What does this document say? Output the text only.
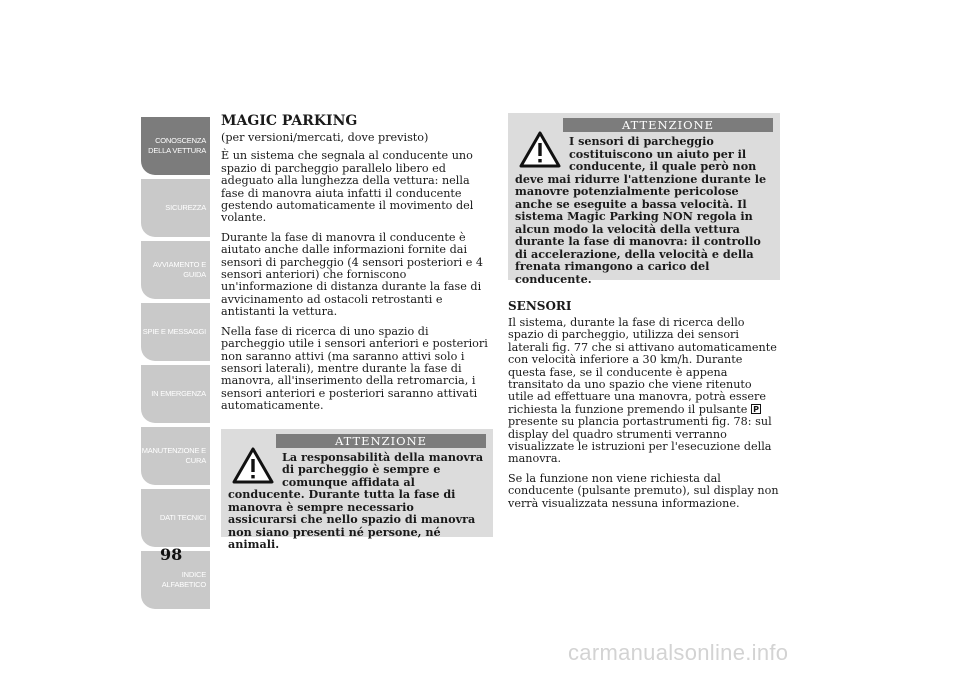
CONOSCENZA
DELLA VETTURA
SICUREZZA
AVVIAMENTO E
GUIDA
SPIE E MESSAGGI
IN EMERGENZA
MANUTENZIONE E
CURA
DATI TECNICI
INDICE
ALFABETICO
98
MAGIC PARKING

(per versioni/mercati, dove previsto)

È un sistema che segnala al conducente uno spazio di parcheggio parallelo libero ed adeguato alla lunghezza della vettura: nella fase di manovra aiuta infatti il conducente gestendo automaticamente il movimento del volante.

Durante la fase di manovra il conducente è aiutato anche dalle informazioni fornite dai sensori di parcheggio (4 sensori posteriori e 4 sensori anteriori) che forniscono un'informazione di distanza durante la fase di avvicinamento ad ostacoli retrostanti e antistanti la vettura.

Nella fase di ricerca di uno spazio di parcheggio utile i sensori anteriori e posteriori non saranno attivi (ma saranno attivi solo i sensori laterali), mentre durante la fase di manovra, all'inserimento della retromarcia, i sensori anteriori e posteriori saranno attivati automaticamente.

ATTENZIONE
La responsabilità della manovra di parcheggio è sempre e comunque affidata al conducente. Durante tutta la fase di manovra è sempre necessario assicurarsi che nello spazio di manovra non siano presenti né persone, né animali.
ATTENZIONE
I sensori di parcheggio costituiscono un aiuto per il conducente, il quale però non deve mai ridurre l'attenzione durante le manovre potenzialmente pericolose anche se eseguite a bassa velocità. Il sistema Magic Parking NON regola in alcun modo la velocità della vettura durante la fase di manovra: il controllo di accelerazione, della velocità e della frenata rimangono a carico del conducente.
SENSORI

Il sistema, durante la fase di ricerca dello spazio di parcheggio, utilizza dei sensori laterali fig. 77 che si attivano automaticamente con velocità inferiore a 30 km/h. Durante questa fase, se il conducente è appena transitato da uno spazio che viene ritenuto utile ad effettuare una manovra, potrà essere richiesta la funzione premendo il pulsante P
presente su plancia portastrumenti fig. 78: sul display del quadro strumenti verranno visualizzate le istruzioni per l'esecuzione della manovra.

Se la funzione non viene richiesta dal conducente (pulsante premuto), sul display non verrà visualizzata nessuna informazione.

carmanualsonline.info
